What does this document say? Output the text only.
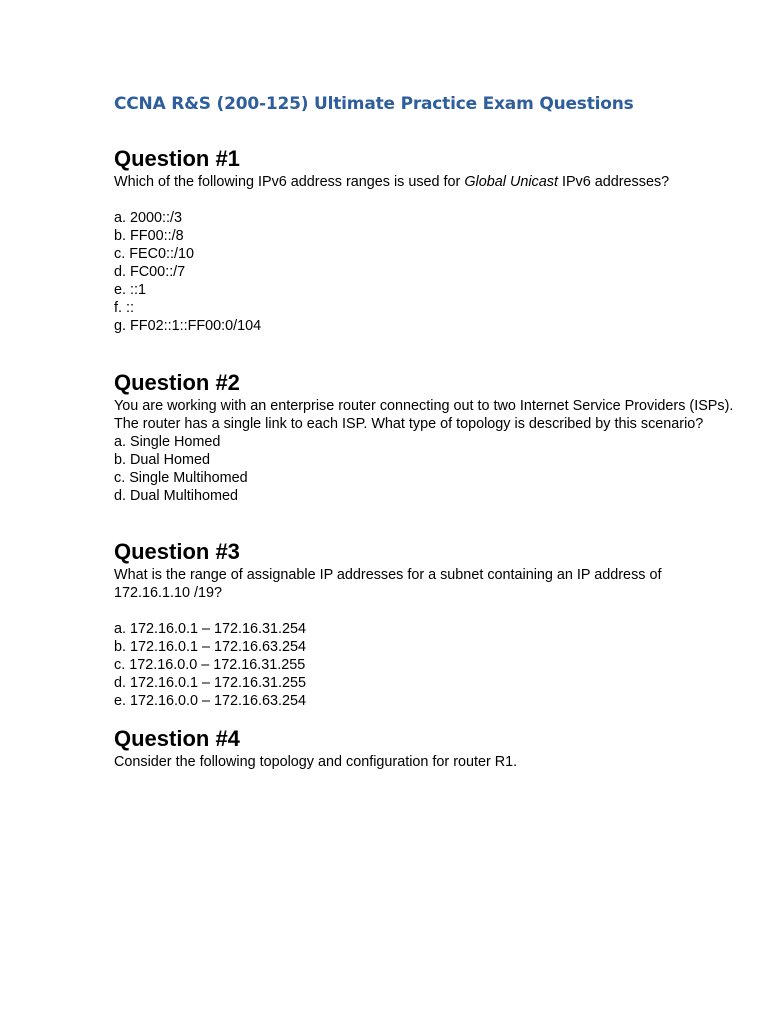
CCNA R&S (200-125) Ultimate Practice Exam Questions
Question #1

Which of the following IPv6 address ranges is used for Global Unicast IPv6 addresses?

a. 2000::/3
b. FF00::/8
c. FEC0::/10
d. FC00::/7
e. ::1
f. ::
g. FF02::1::FF00:0/104
Question #2

You are working with an enterprise router connecting out to two Internet Service Providers (ISPs). The router has a single link to each ISP. What type of topology is described by this scenario?

a. Single Homed
b. Dual Homed
c. Single Multihomed
d. Dual Multihomed
Question #3

What is the range of assignable IP addresses for a subnet containing an IP address of 172.16.1.10 /19?

a. 172.16.0.1 – 172.16.31.254
b. 172.16.0.1 – 172.16.63.254
c. 172.16.0.0 – 172.16.31.255
d. 172.16.0.1 – 172.16.31.255
e. 172.16.0.0 – 172.16.63.254
Question #4

Consider the following topology and configuration for router R1.
